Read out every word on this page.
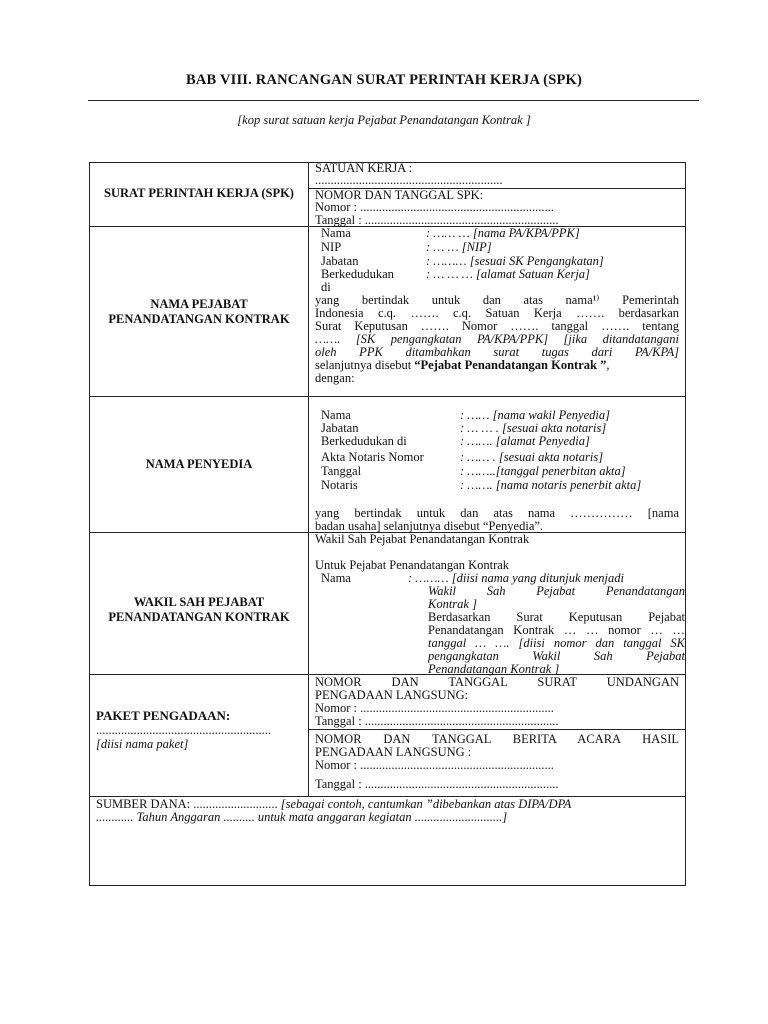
BAB VIII. RANCANGAN SURAT PERINTAH KERJA (SPK)
[kop surat satuan kerja Pejabat Penandatangan Kontrak ]
SURAT PERINTAH KERJA (SPK)
SATUAN KERJA :
............................................................
NOMOR DAN TANGGAL SPK:
Nomor : ..............................................................
Tanggal : ..............................................................
NAMA PEJABAT
PENANDATANGAN KONTRAK
Nama	: …… … [nama PA/KPA/PPK]
NIP	: … … [NIP]
Jabatan	: ……… [sesuai SK Pengangkatan]
Berkedudukan	: … … … [alamat Satuan Kerja]
di
yang bertindak untuk dan atas nama¹⁾ Pemerintah
Indonesia c.q. ……. c.q. Satuan Kerja ……. berdasarkan
Surat Keputusan ……. Nomor ……. tanggal ……. tentang
……. [SK pengangkatan PA/KPA/PPK] [jika ditandatangani
oleh PPK ditambahkan surat tugas dari PA/KPA]
selanjutnya disebut “Pejabat Penandatangan Kontrak ”,
dengan:
NAMA PENYEDIA
Nama	: …… [nama wakil Penyedia]
Jabatan	: … … . [sesuai akta notaris]
Berkedudukan di	: ……. [alamat Penyedia]
Akta Notaris Nomor	: …… . [sesuai akta notaris]
Tanggal	: ……..[tanggal penerbitan akta]
Notaris	: ……. [nama notaris penerbit akta]
yang bertindak untuk dan atas nama …………… [nama
badan usaha] selanjutnya disebut “Penyedia”.
WAKIL SAH PEJABAT
PENANDATANGAN KONTRAK
Wakil Sah Pejabat Penandatangan Kontrak
Untuk Pejabat Penandatangan Kontrak
Nama	: ……… [diisi nama yang ditunjuk menjadi
Wakil Sah Pejabat Penandatangan
Kontrak ]
Berdasarkan Surat Keputusan Pejabat
Penandatangan Kontrak … … nomor … …
tanggal … …. [diisi nomor dan tanggal SK
pengangkatan Wakil Sah Pejabat
Penandatangan Kontrak ]
PAKET PENGADAAN:
........................................................
[diisi nama paket]
NOMOR DAN TANGGAL SURAT UNDANGAN
PENGADAAN LANGSUNG:
Nomor : ..............................................................
Tanggal : ..............................................................
NOMOR DAN TANGGAL BERITA ACARA HASIL
PENGADAAN LANGSUNG :
Nomor : ..............................................................
Tanggal : ..............................................................
SUMBER DANA: ........................... [sebagai contoh, cantumkan ”dibebankan atas DIPA/DPA
............ Tahun Anggaran .......... untuk mata anggaran kegiatan ............................]
